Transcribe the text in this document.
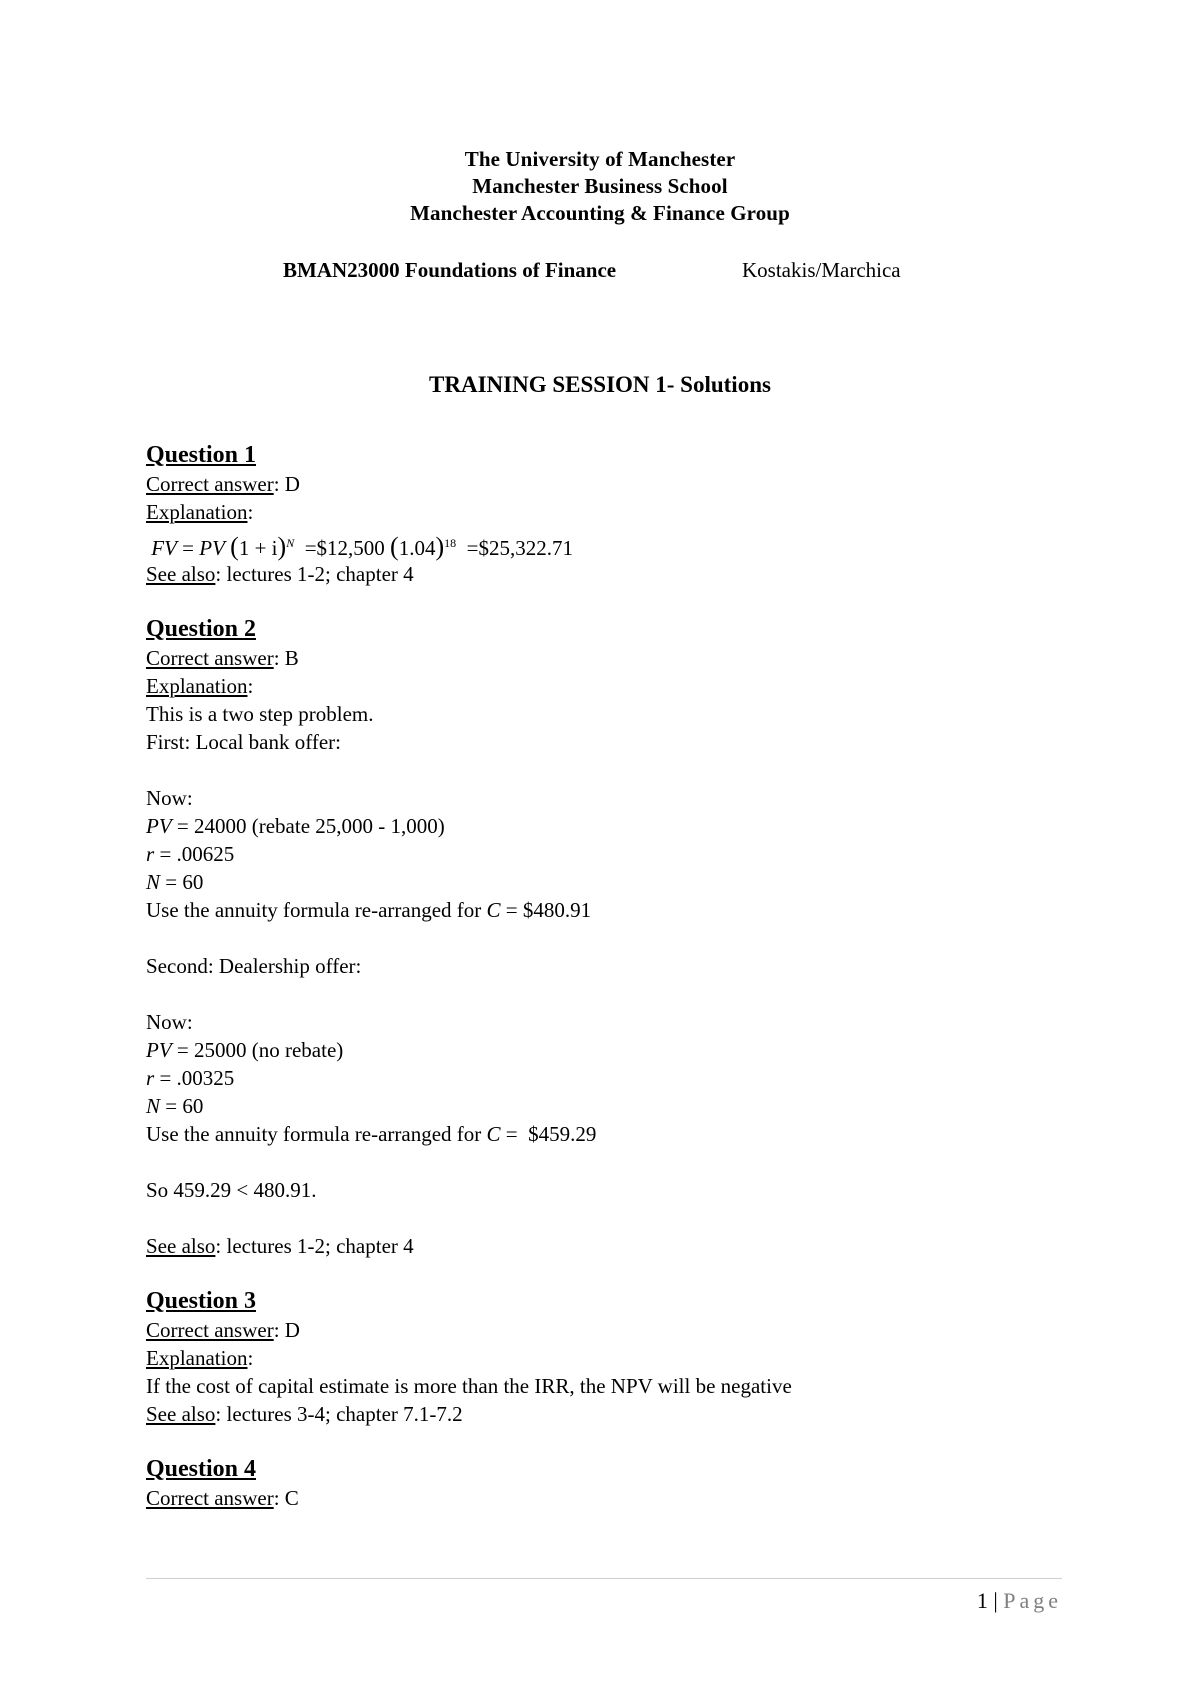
The University of Manchester
Manchester Business School
Manchester Accounting & Finance Group
BMAN23000 Foundations of Finance	Kostakis/Marchica
TRAINING SESSION 1- Solutions
Question 1
Correct answer: D
Explanation:
FV = PV $(1 + i)^N$ =$12,500 $(1.04)^{18}$ =$25,322.71
See also: lectures 1-2; chapter 4
Question 2
Correct answer: B
Explanation:
This is a two step problem.
First: Local bank offer:
Now:
PV = 24000 (rebate 25,000 - 1,000)
r = .00625
N = 60
Use the annuity formula re-arranged for C = $480.91
Second: Dealership offer:
Now:
PV = 25000 (no rebate)
r = .00325
N = 60
Use the annuity formula re-arranged for C =  $459.29
So 459.29 < 480.91.
See also: lectures 1-2; chapter 4
Question 3
Correct answer: D
Explanation:
If the cost of capital estimate is more than the IRR, the NPV will be negative
See also: lectures 3-4; chapter 7.1-7.2
Question 4
Correct answer: C
1 | Page
